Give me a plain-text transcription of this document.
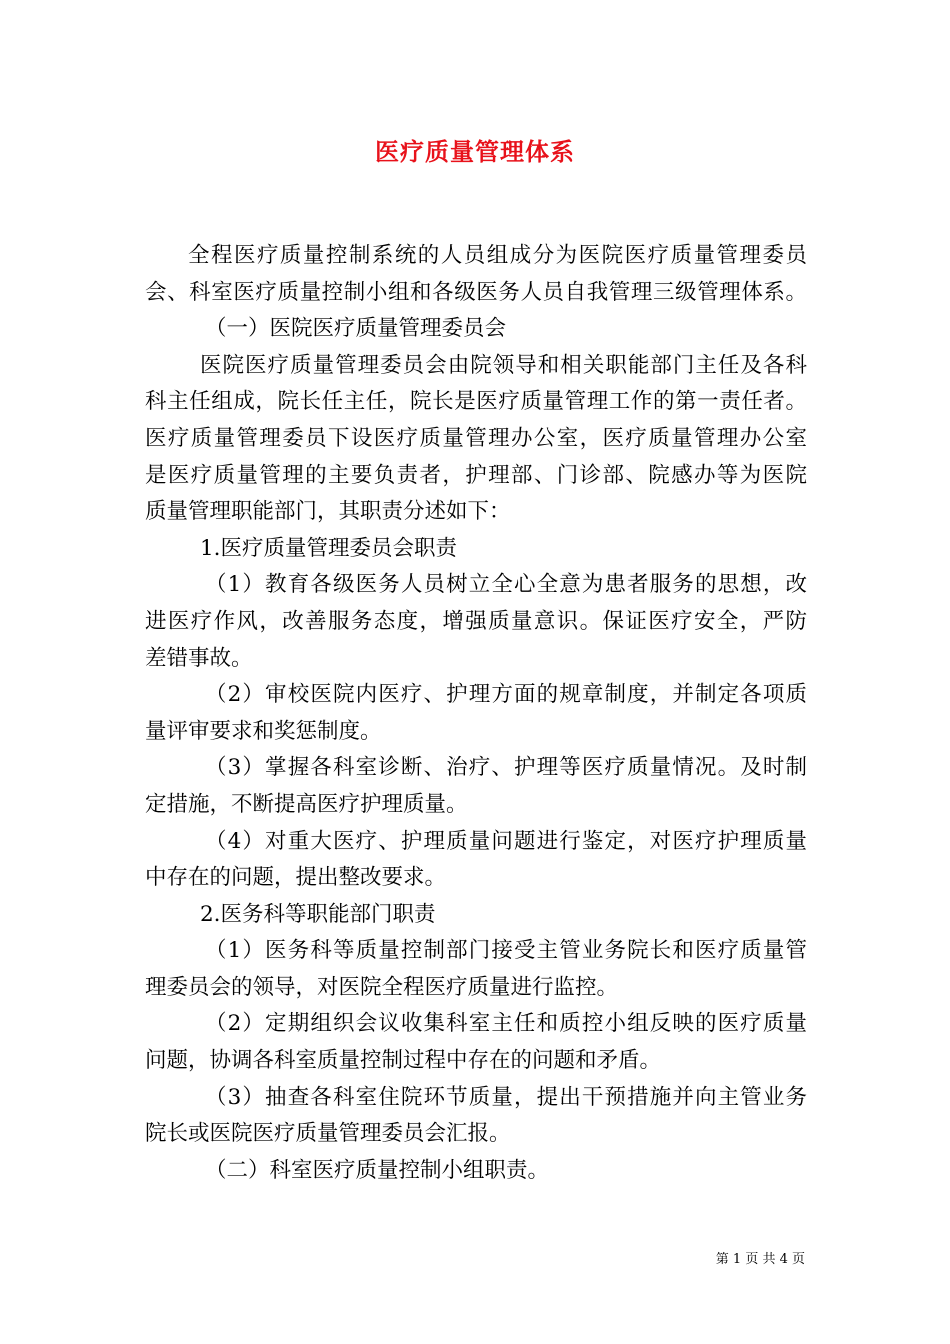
医疗质量管理体系
全程医疗质量控制系统的人员组成分为医院医疗质量管理委员
会、科室医疗质量控制小组和各级医务人员自我管理三级管理体系。
（一）医院医疗质量管理委员会
医院医疗质量管理委员会由院领导和相关职能部门主任及各科
科主任组成，院长任主任，院长是医疗质量管理工作的第一责任者。
医疗质量管理委员下设医疗质量管理办公室，医疗质量管理办公室
是医疗质量管理的主要负责者，护理部、门诊部、院感办等为医院
质量管理职能部门，其职责分述如下：
1.医疗质量管理委员会职责
（1）教育各级医务人员树立全心全意为患者服务的思想，改
进医疗作风，改善服务态度，增强质量意识。保证医疗安全，严防
差错事故。
（2）审校医院内医疗、护理方面的规章制度，并制定各项质
量评审要求和奖惩制度。
（3）掌握各科室诊断、治疗、护理等医疗质量情况。及时制
定措施，不断提高医疗护理质量。
（4）对重大医疗、护理质量问题进行鉴定，对医疗护理质量
中存在的问题，提出整改要求。
2.医务科等职能部门职责
（1）医务科等质量控制部门接受主管业务院长和医疗质量管
理委员会的领导，对医院全程医疗质量进行监控。
（2）定期组织会议收集科室主任和质控小组反映的医疗质量
问题，协调各科室质量控制过程中存在的问题和矛盾。
（3）抽查各科室住院环节质量，提出干预措施并向主管业务
院长或医院医疗质量管理委员会汇报。
（二）科室医疗质量控制小组职责。
第 1 页 共 4 页
